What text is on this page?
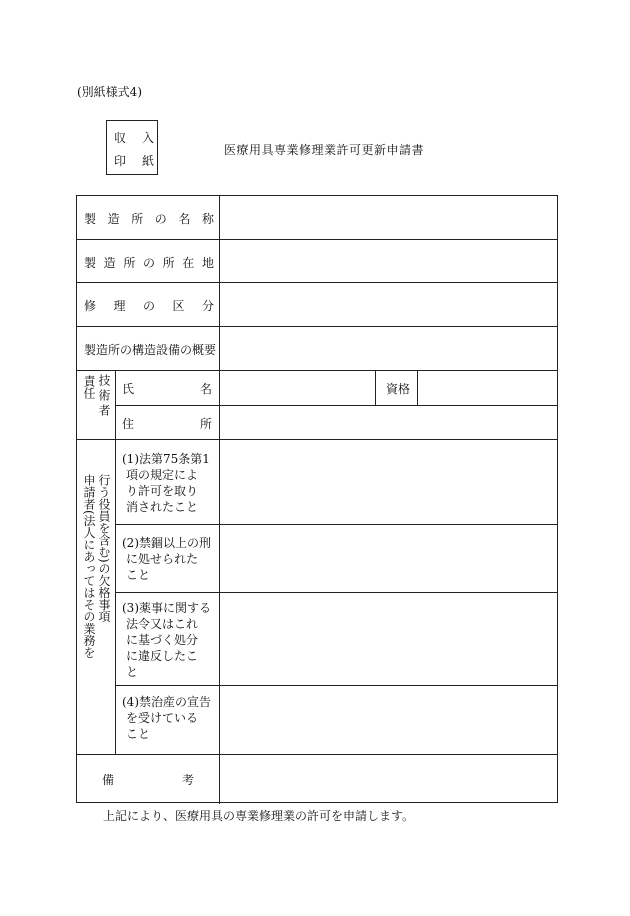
(別紙様式4)
収 入
印 紙
医療用具専業修理業許可更新申請書
製 造 所 の 名 称
製 造 所 の 所 在 地
修 理 の 区 分
製造所の構造設備の概要
責任 技術者 氏	名	資格
住	所
申請者(法人にあってはその業務を 行う役員を含む)の欠格事項
(1)法第75条第1
項の規定によ
り許可を取り
消されたこと
(2)禁錮以上の刑
に処せられた
こと
(3)薬事に関する
法令又はこれ
に基づく処分
に違反したこ
と
(4)禁治産の宣告
を受けている
こと
備	考
上記により、医療用具の専業修理業の許可を申請します。
